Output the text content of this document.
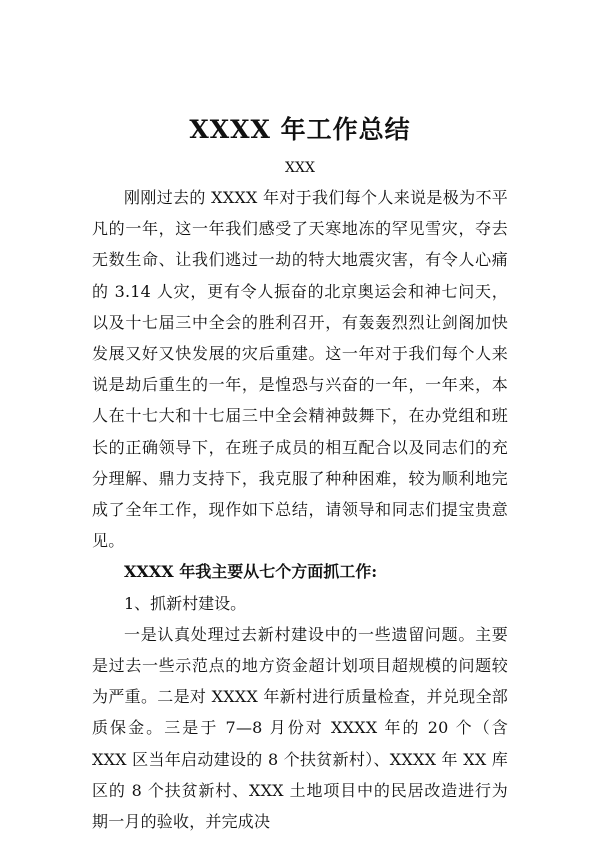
XXXX 年工作总结
XXX

刚刚过去的 XXXX 年对于我们每个人来说是极为不平凡的一年，这一年我们感受了天寒地冻的罕见雪灾，夺去无数生命、让我们逃过一劫的特大地震灾害，有令人心痛的 3.14 人灾，更有令人振奋的北京奥运会和神七问天，以及十七届三中全会的胜利召开，有轰轰烈烈让剑阁加快发展又好又快发展的灾后重建。这一年对于我们每个人来说是劫后重生的一年，是惶恐与兴奋的一年，一年来，本人在十七大和十七届三中全会精神鼓舞下，在办党组和班长的正确领导下，在班子成员的相互配合以及同志们的充分理解、鼎力支持下，我克服了种种困难，较为顺利地完成了全年工作，现作如下总结，请领导和同志们提宝贵意见。

XXXX 年我主要从七个方面抓工作:

1、抓新村建设。

一是认真处理过去新村建设中的一些遗留问题。主要是过去一些示范点的地方资金超计划项目超规模的问题较为严重。二是对 XXXX 年新村进行质量检查，并兑现全部质保金。三是于 7—8 月份对 XXXX 年的 20 个（含 XXX 区当年启动建设的 8 个扶贫新村）、XXXX 年 XX 库区的 8 个扶贫新村、XXX 土地项目中的民居改造进行为期一月的验收，并完成决
